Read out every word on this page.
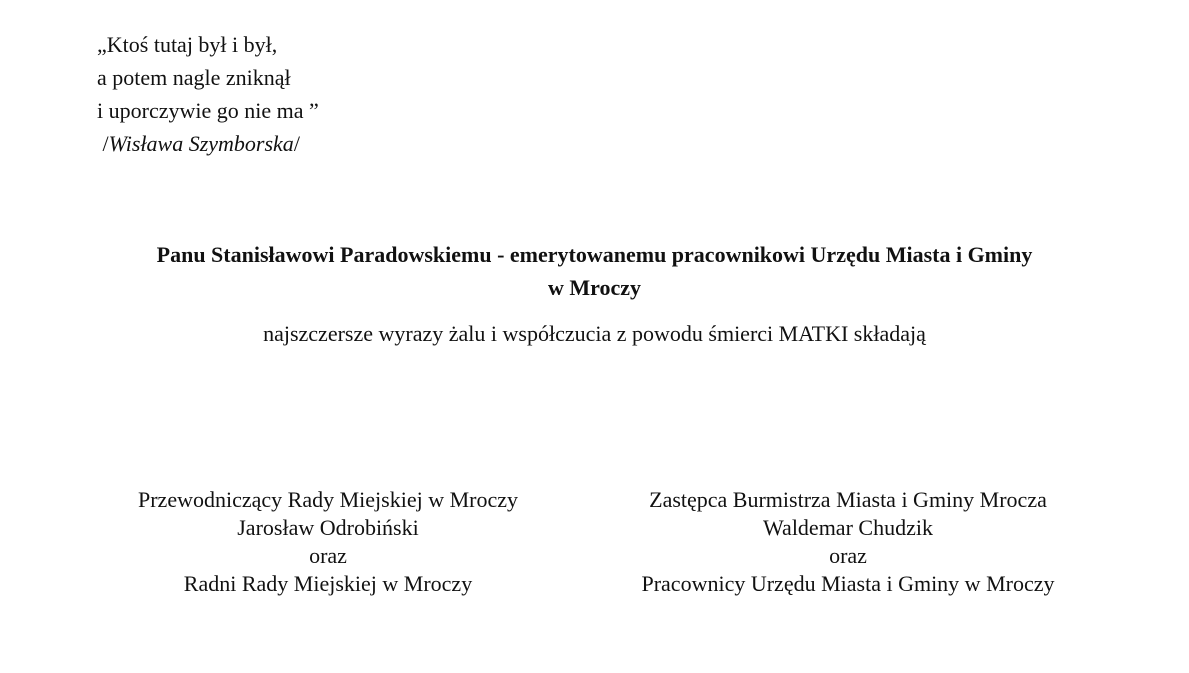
„Ktoś tutaj był i był,
a potem nagle zniknął
i uporczywie go nie ma ”
/Wisława Szymborska/
Panu Stanisławowi Paradowskiemu - emerytowanemu pracownikowi Urzędu Miasta i Gminy
w Mroczy
najszczersze wyrazy żalu i współczucia z powodu śmierci MATKI składają
Przewodniczący Rady Miejskiej w Mroczy
Jarosław Odrobiński
oraz
Radni Rady Miejskiej w Mroczy
Zastępca Burmistrza Miasta i Gminy Mrocza
Waldemar Chudzik
oraz
Pracownicy Urzędu Miasta i Gminy w Mroczy
